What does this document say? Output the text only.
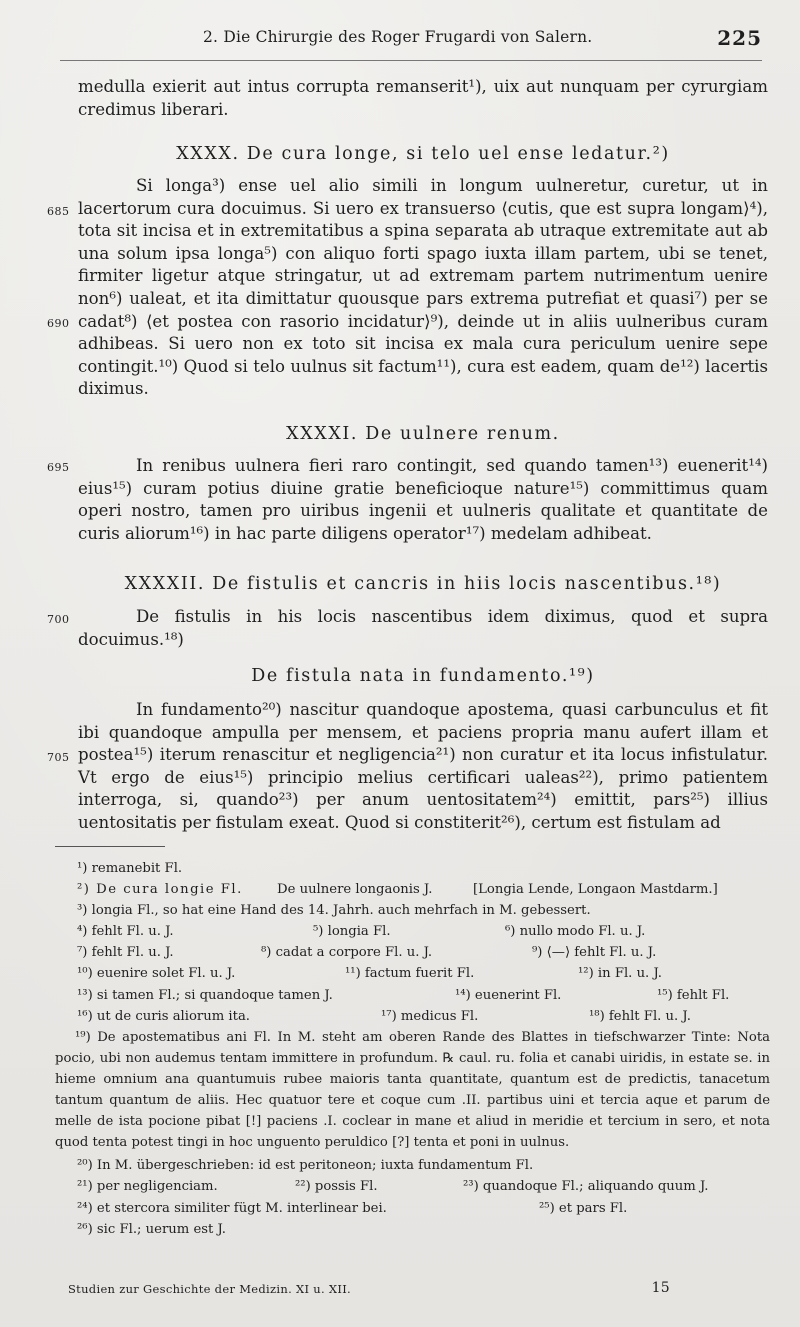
2. Die Chirurgie des Roger Frugardi von Salern.	225

medulla exierit aut intus corrupta remanserit¹), uix aut nunquam per cyrurgiam credimus liberari.

XXXX. De cura longe, si telo uel ense ledatur.²)

Si longa³) ense uel alio simili in longum uulneretur, curetur, ut in lacertorum cura docuimus. Si uero ex transuerso ⟨cutis, que est supra longam⟩⁴), tota sit incisa et in extremitatibus a spina separata ab utraque extremitate aut ab una solum ipsa longa⁵) con aliquo forti spago iuxta illam partem, ubi se tenet, firmiter ligetur atque stringatur, ut ad extremam partem nutrimentum uenire non⁶) ualeat, et ita dimittatur quousque pars extrema putrefiat et quasi⁷) per se cadat⁸) ⟨et postea con rasorio incidatur⟩⁹), deinde ut in aliis uulneribus curam adhibeas. Si uero non ex toto sit incisa ex mala cura periculum uenire sepe contingit.¹⁰) Quod si telo uulnus sit factum¹¹), cura est eadem, quam de¹²) lacertis diximus.

XXXXI. De uulnere renum.

In renibus uulnera fieri raro contingit, sed quando tamen¹³) euenerit¹⁴) eius¹⁵) curam potius diuine gratie beneficioque nature¹⁵) committimus quam operi nostro, tamen pro uiribus ingenii et uulneris qualitate et quantitate de curis aliorum¹⁶) in hac parte diligens operator¹⁷) medelam adhibeat.

XXXXII. De fistulis et cancris in hiis locis nascentibus.¹⁸)

De fistulis in his locis nascentibus idem diximus, quod et supra docuimus.¹⁸)

De fistula nata in fundamento.¹⁹)

In fundamento²⁰) nascitur quandoque apostema, quasi carbunculus et fit ibi quandoque ampulla per mensem, et paciens propria manu aufert illam et postea¹⁵) iterum renascitur et negligencia²¹) non curatur et ita locus infistulatur. Vt ergo de eius¹⁵) principio melius certificari ualeas²²), primo patientem interroga, si, quando²³) per anum uentositatem²⁴) emittit, pars²⁵) illius uentositatis per fistulam exeat. Quod si constiterit²⁶), certum est fistulam ad

685
690
695
700
705
¹) remanebit Fl.
²) De cura longie Fl.	De uulnere longaonis J.	[Longia Lende, Longaon Mastdarm.]
³) longia Fl., so hat eine Hand des 14. Jahrh. auch mehrfach in M. gebessert.
⁴) fehlt Fl. u. J.	⁵) longia Fl.	⁶) nullo modo Fl. u. J.
⁷) fehlt Fl. u. J.	⁸) cadat a corpore Fl. u. J.	⁹) ⟨—⟩ fehlt Fl. u. J.
¹⁰) euenire solet Fl. u. J.	¹¹) factum fuerit Fl.	¹²) in Fl. u. J.
¹³) si tamen Fl.; si quandoque tamen J.	¹⁴) euenerint Fl.	¹⁵) fehlt Fl.
¹⁶) ut de curis aliorum ita.	¹⁷) medicus Fl.	¹⁸) fehlt Fl. u. J.

¹⁹) De apostematibus ani Fl. In M. steht am oberen Rande des Blattes in tiefschwarzer Tinte: Nota pocio, ubi non audemus tentam immittere in profundum. ℞ caul. ru. folia et canabi uiridis, in estate se. in hieme omnium ana quantumuis rubee maioris tanta quantitate, quantum est de predictis, tanacetum tantum quantum de aliis. Hec quatuor tere et coque cum .II. partibus uini et tercia aque et parum de melle de ista pocione pibat [!] paciens .I. coclear in mane et aliud in meridie et tercium in sero, et nota quod tenta potest tingi in hoc unguento peruldico [?] tenta et poni in uulnus.

²⁰) In M. übergeschrieben: id est peritoneon; iuxta fundamentum Fl.
²¹) per negligenciam.	²²) possis Fl.	²³) quandoque Fl.; aliquando quum J.
²⁴) et stercora similiter fügt M. interlinear bei.	²⁵) et pars Fl.
²⁶) sic Fl.; uerum est J.
Studien zur Geschichte der Medizin. XI u. XII.	15
